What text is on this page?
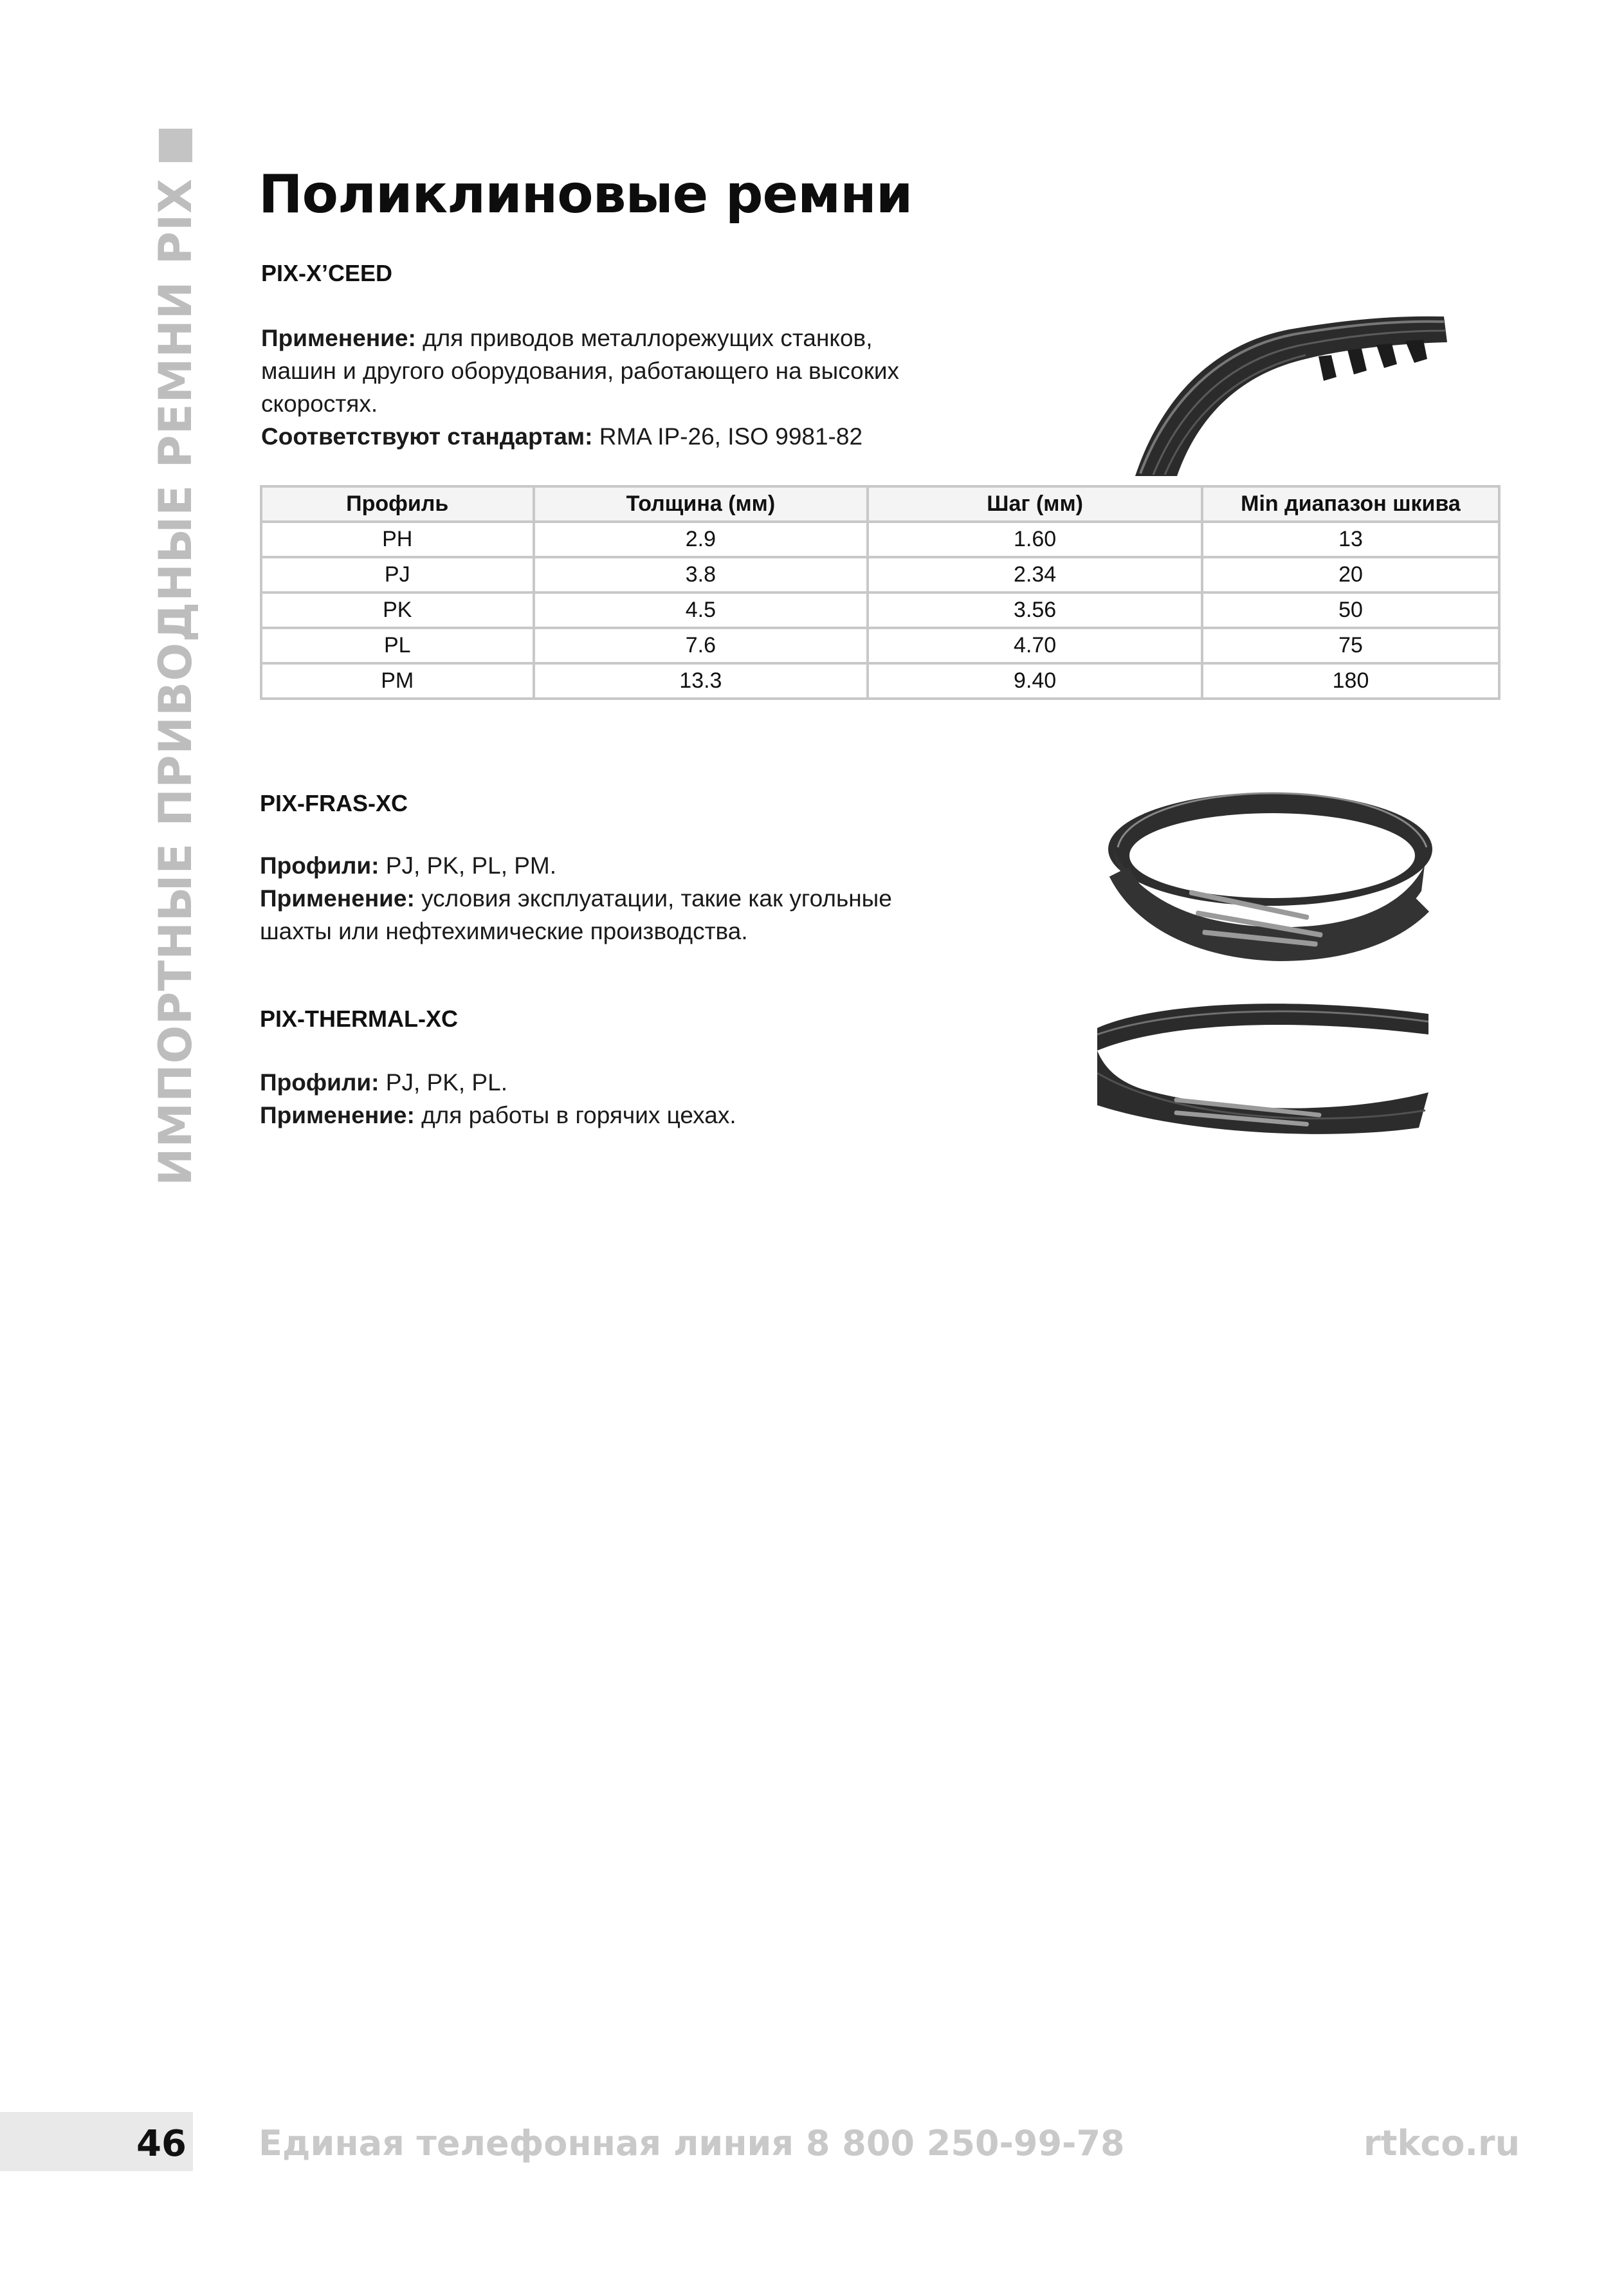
ИМПОРТНЫЕ ПРИВОДНЫЕ РЕМНИ PIX Поликлиновые ремни
PIX-X’CEED
Применение: для приводов металлорежущих станков,
машин и другого оборудования, работающего на высоких
скоростях.
Соответствуют стандартам: RMA IP-26, ISO 9981-82
Профиль	Толщина (мм)	Шаг (мм)	Min диапазон шкива
PH	2.9	1.60	13
PJ	3.8	2.34	20
PK	4.5	3.56	50
PL	7.6	4.70	75
PM	13.3	9.40	180
PIX-FRAS-XC
Профили: PJ, PK, PL, PM.
Применение: условия эксплуатации, такие как угольные
шахты или нефтехимические производства.
PIX-THERMAL-XC
Профили: PJ, PK, PL.
Применение: для работы в горячих цехах.
46 Единая телефонная линия 8 800 250-99-78	rtkco.ru
